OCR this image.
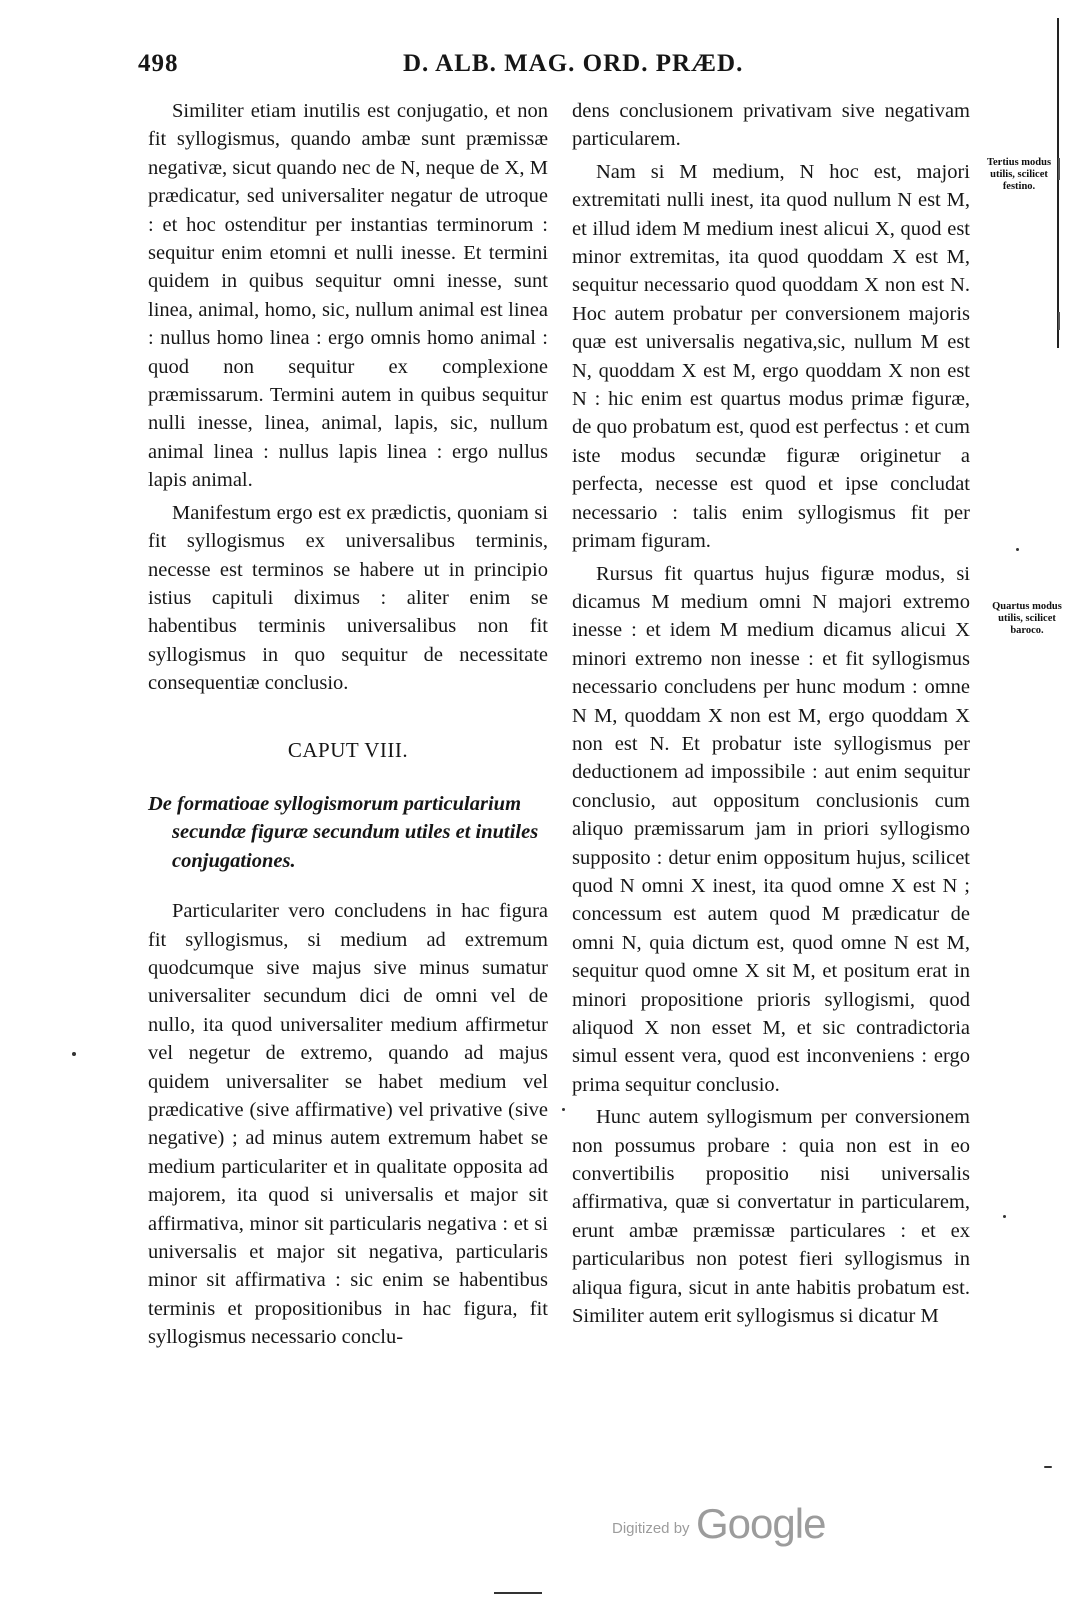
498	D. ALB. MAG. ORD. PRÆD.

Similiter etiam inutilis est conjugatio, et non fit syllogismus, quando ambæ sunt præmissæ negativæ, sicut quando nec de N, neque de X, M prædicatur, sed universaliter negatur de utroque : et hoc ostenditur per instantias terminorum : sequitur enim etomni et nulli inesse. Et termini quidem in quibus sequitur omni inesse, sunt linea, animal, homo, sic, nullum animal est linea : nullus homo linea : ergo omnis homo animal : quod non sequitur ex complexione præmissarum. Termini autem in quibus sequitur nulli inesse, linea, animal, lapis, sic, nullum animal linea : nullus lapis linea : ergo nullus lapis animal.

Manifestum ergo est ex prædictis, quoniam si fit syllogismus ex universalibus terminis, necesse est terminos se habere ut in principio istius capituli diximus : aliter enim se habentibus terminis universalibus non fit syllogismus in quo sequitur de necessitate consequentiæ conclusio.

CAPUT VIII.
De formatioae syllogismorum particularium secundæ figuræ secundum utiles et inutiles conjugationes.

Particulariter vero concludens in hac figura fit syllogismus, si medium ad extremum quodcumque sive majus sive minus sumatur universaliter secundum dici de omni vel de nullo, ita quod universaliter medium affirmetur vel negetur de extremo, quando ad majus quidem universaliter se habet medium vel prædicative (sive affirmative) vel privative (sive negative) ; ad minus autem extremum habet se medium particulariter et in qualitate opposita ad majorem, ita quod si universalis et major sit affirmativa, minor sit particularis negativa : et si universalis et major sit negativa, particularis minor sit affirmativa : sic enim se habentibus terminis et propositionibus in hac figura, fit syllogismus necessario conclu-

dens conclusionem privativam sive negativam particularem.

Nam si M medium, N hoc est, majori extremitati nulli inest, ita quod nullum N est M, et illud idem M medium inest alicui X, quod est minor extremitas, ita quod quoddam X est M, sequitur necessario quod quoddam X non est N. Hoc autem probatur per conversionem majoris quæ est universalis negativa,sic, nullum M est N, quoddam X est M, ergo quoddam X non est N : hic enim est quartus modus primæ figuræ, de quo probatum est, quod est perfectus : et cum iste modus secundæ figuræ originetur a perfecta, necesse est quod et ipse concludat necessario : talis enim syllogismus fit per primam figuram.

Rursus fit quartus hujus figuræ modus, si dicamus M medium omni N majori extremo inesse : et idem M medium dicamus alicui X minori extremo non inesse : et fit syllogismus necessario concludens per hunc modum : omne N M, quoddam X non est M, ergo quoddam X non est N. Et probatur iste syllogismus per deductionem ad impossibile : aut enim sequitur conclusio, aut oppositum conclusionis cum aliquo præmissarum jam in priori syllogismo supposito : detur enim oppositum hujus, scilicet quod N omni X inest, ita quod omne X est N ; concessum est autem quod M prædicatur de omni N, quia dictum est, quod omne N est M, sequitur quod omne X sit M, et positum erat in minori propositione prioris syllogismi, quod aliquod X non esset M, et sic contradictoria simul essent vera, quod est inconveniens : ergo prima sequitur conclusio.

Hunc autem syllogismum per conversionem non possumus probare : quia non est in eo convertibilis propositio nisi universalis affirmativa, quæ si convertatur in particularem, erunt ambæ præmissæ particulares : et ex particularibus non potest fieri syllogismus in aliqua figura, sicut in ante habitis probatum est. Similiter autem erit syllogismus si dicatur M

Tertius modus utilis, scilicet festino.
Quartus modus utilis, scilicet baroco.
Digitized by Google
